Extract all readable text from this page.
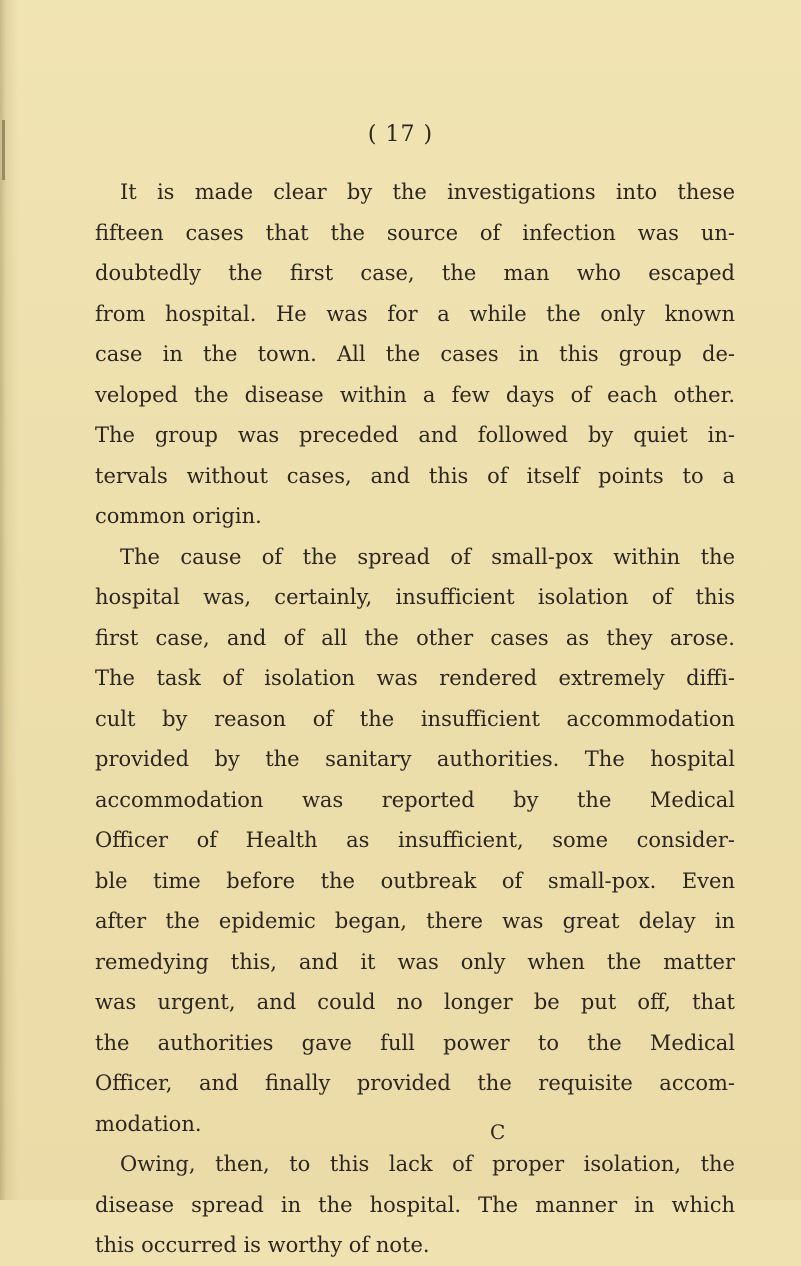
( 17 )
It is made clear by the investigations into these
fifteen cases that the source of infection was un-
doubtedly the first case, the man who escaped
from hospital. He was for a while the only known
case in the town. All the cases in this group de-
veloped the disease within a few days of each other.
The group was preceded and followed by quiet in-
tervals without cases, and this of itself points to a
common origin.
The cause of the spread of small-pox within the
hospital was, certainly, insufficient isolation of this
first case, and of all the other cases as they arose.
The task of isolation was rendered extremely diffi-
cult by reason of the insufficient accommodation
provided by the sanitary authorities. The hospital
accommodation was reported by the Medical
Officer of Health as insufficient, some consider-
ble time before the outbreak of small-pox. Even
after the epidemic began, there was great delay in
remedying this, and it was only when the matter
was urgent, and could no longer be put off, that
the authorities gave full power to the Medical
Officer, and finally provided the requisite accom-
modation.
Owing, then, to this lack of proper isolation, the
disease spread in the hospital. The manner in which
this occurred is worthy of note.
C
